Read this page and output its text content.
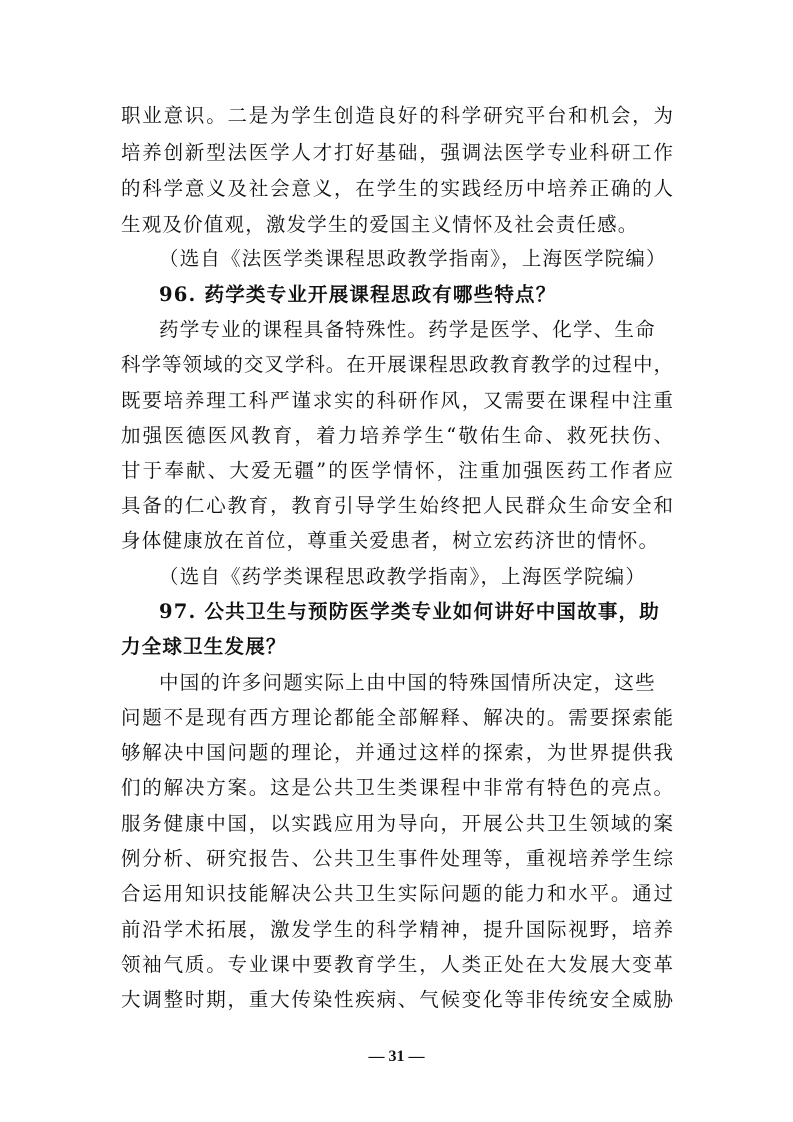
职业意识。二是为学生创造良好的科学研究平台和机会，为
培养创新型法医学人才打好基础，强调法医学专业科研工作
的科学意义及社会意义，在学生的实践经历中培养正确的人
生观及价值观，激发学生的爱国主义情怀及社会责任感。
（选自《法医学类课程思政教学指南》，上海医学院编）
96. 药学类专业开展课程思政有哪些特点？
药学专业的课程具备特殊性。药学是医学、化学、生命
科学等领域的交叉学科。在开展课程思政教育教学的过程中，
既要培养理工科严谨求实的科研作风，又需要在课程中注重
加强医德医风教育，着力培养学生“敬佑生命、救死扶伤、
甘于奉献、大爱无疆”的医学情怀，注重加强医药工作者应
具备的仁心教育，教育引导学生始终把人民群众生命安全和
身体健康放在首位，尊重关爱患者，树立宏药济世的情怀。
（选自《药学类课程思政教学指南》，上海医学院编）
97. 公共卫生与预防医学类专业如何讲好中国故事，助
力全球卫生发展？
中国的许多问题实际上由中国的特殊国情所决定，这些
问题不是现有西方理论都能全部解释、解决的。需要探索能
够解决中国问题的理论，并通过这样的探索，为世界提供我
们的解决方案。这是公共卫生类课程中非常有特色的亮点。
服务健康中国，以实践应用为导向，开展公共卫生领域的案
例分析、研究报告、公共卫生事件处理等，重视培养学生综
合运用知识技能解决公共卫生实际问题的能力和水平。通过
前沿学术拓展，激发学生的科学精神，提升国际视野，培养
领袖气质。专业课中要教育学生，人类正处在大发展大变革
大调整时期，重大传染性疾病、气候变化等非传统安全威胁
— 31 —
